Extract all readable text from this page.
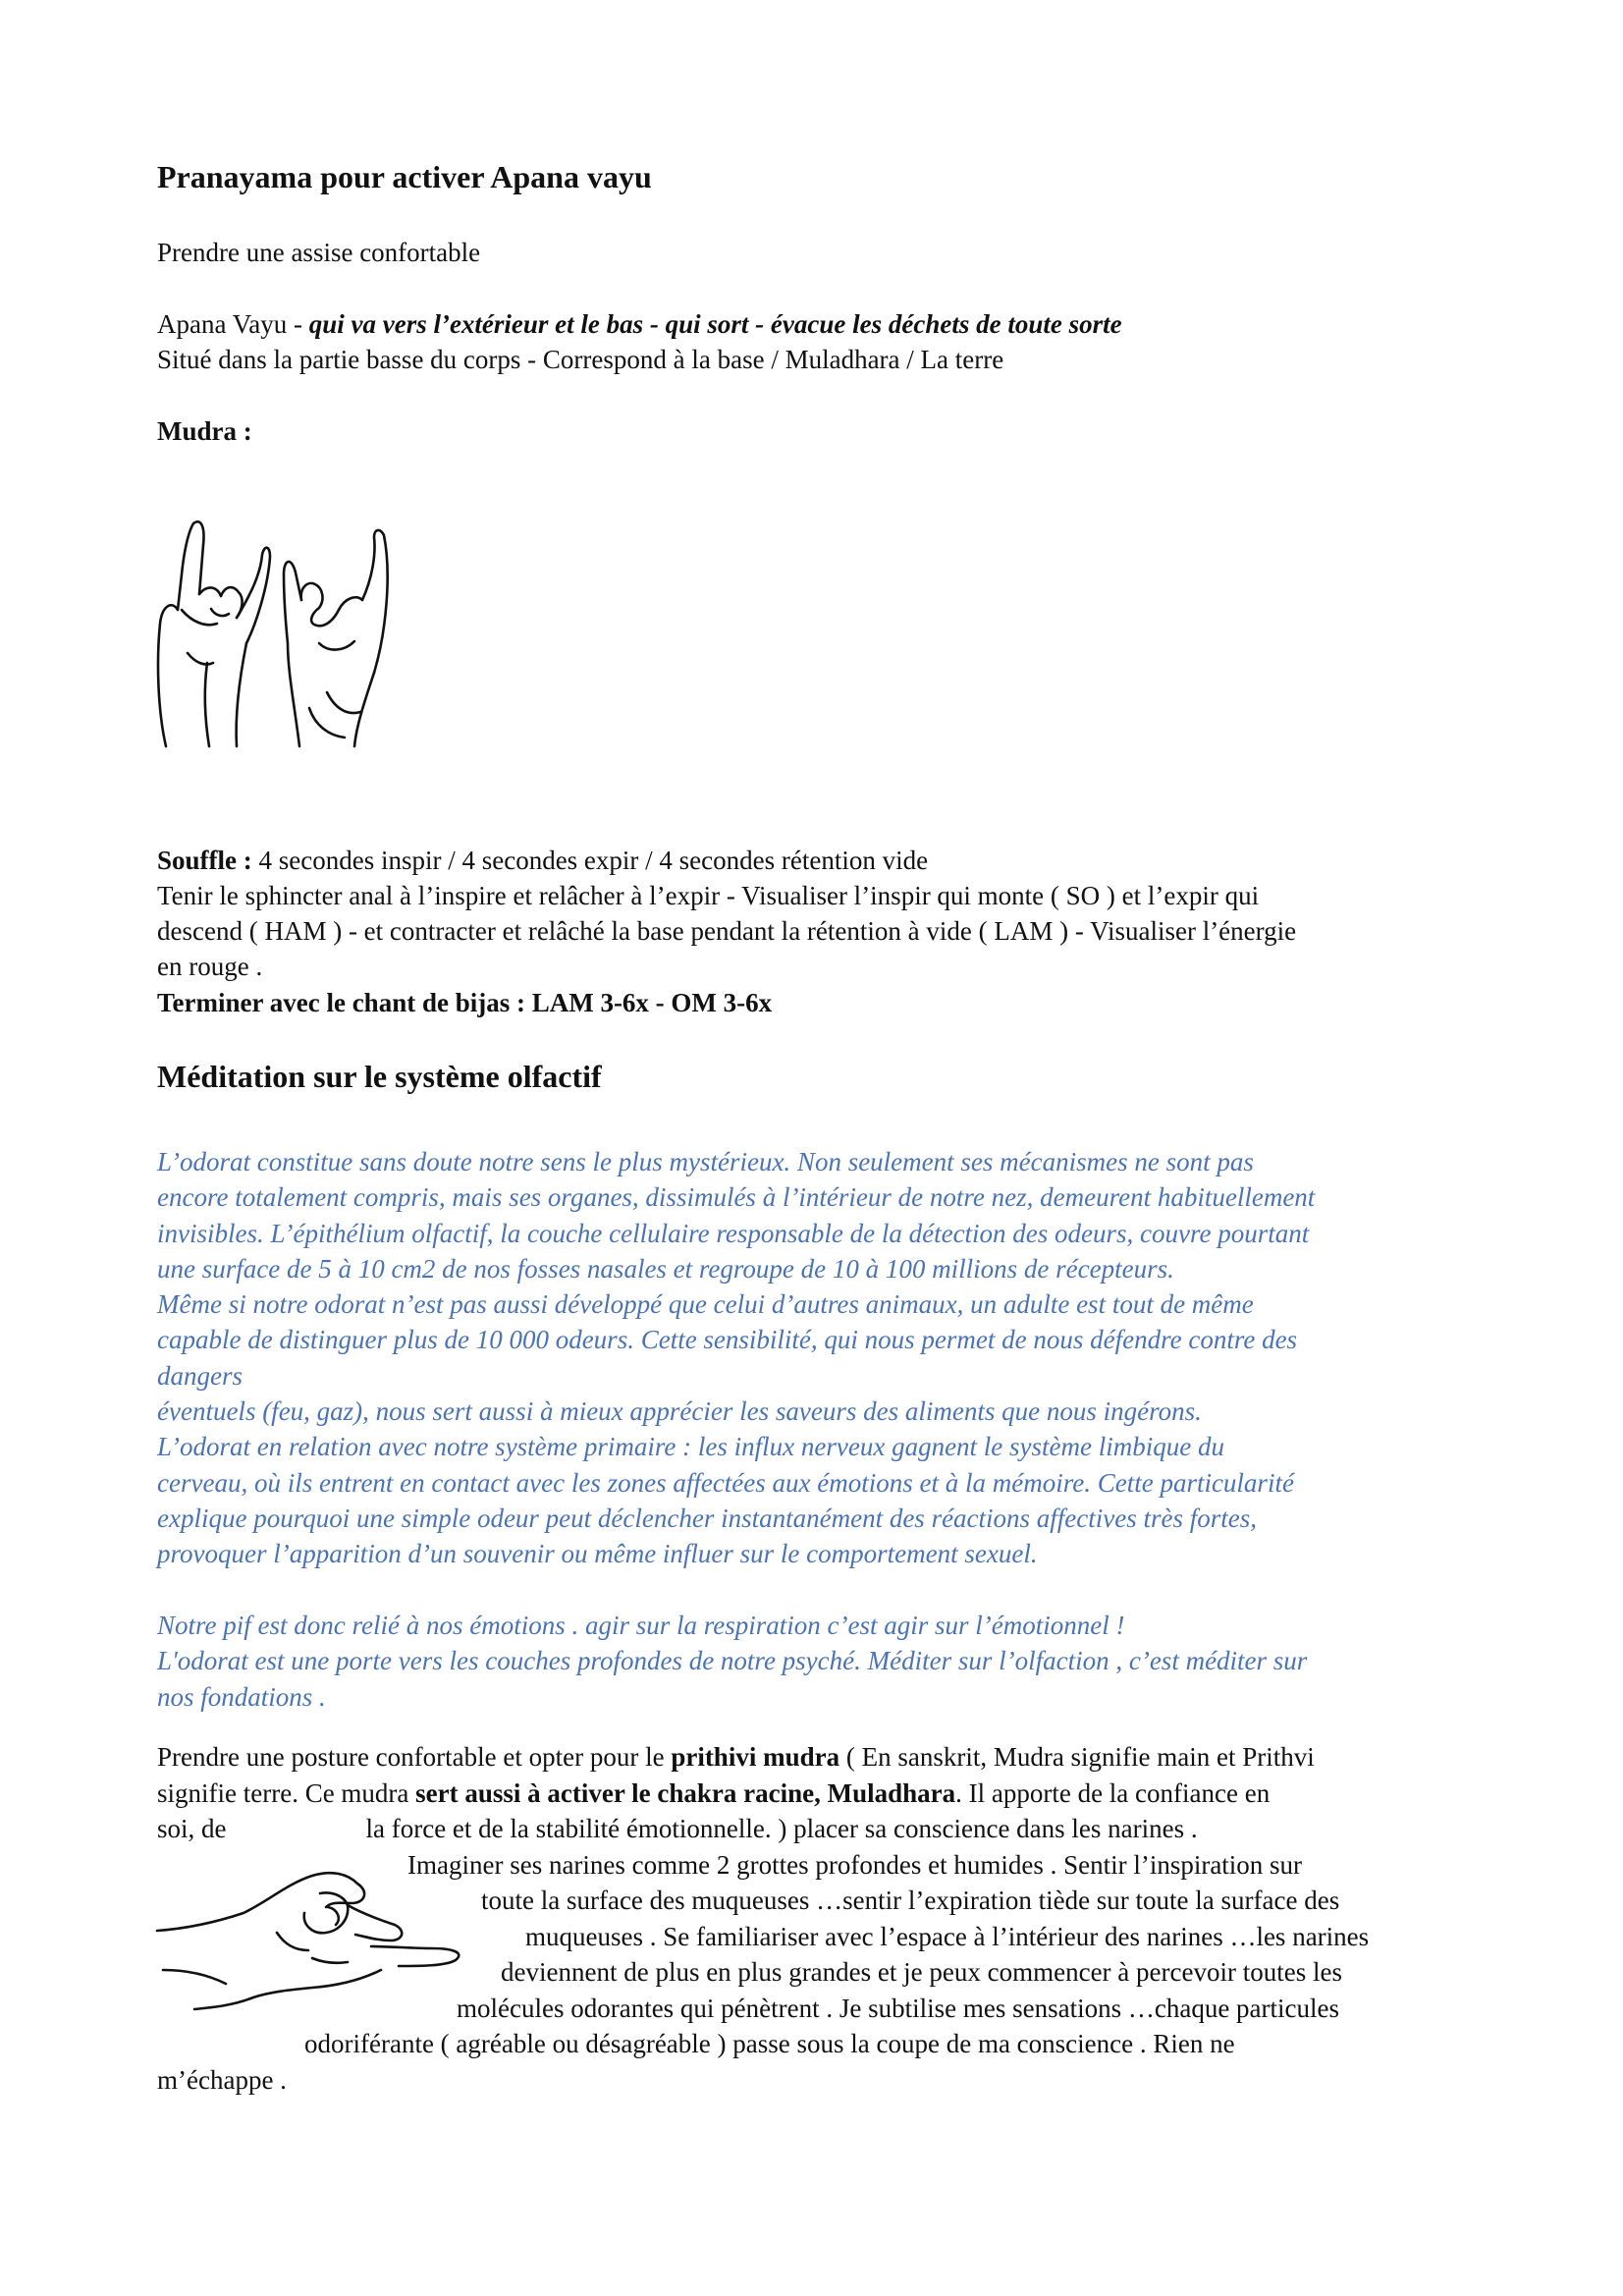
Pranayama pour activer Apana vayu

Prendre une assise confortable

Apana Vayu - qui va vers l’extérieur et le bas - qui sort - évacue les déchets de toute sorte

Situé dans la partie basse du corps - Correspond à la base / Muladhara / La terre

Mudra :

Souffle : 4 secondes inspir / 4 secondes expir / 4 secondes rétention vide

Tenir le sphincter anal à l’inspire et relâcher à l’expir - Visualiser l’inspir qui monte ( SO ) et l’expir qui

descend ( HAM ) - et contracter et relâché la base pendant la rétention à vide ( LAM ) - Visualiser l’énergie

en rouge .

Terminer avec le chant de bijas : LAM 3-6x - OM 3-6x

Méditation sur le système olfactif
L’odorat constitue sans doute notre sens le plus mystérieux. Non seulement ses mécanismes ne sont pas
encore totalement compris, mais ses organes, dissimulés à l’intérieur de notre nez, demeurent habituellement
invisibles. L’épithélium olfactif, la couche cellulaire responsable de la détection des odeurs, couvre pourtant
une surface de 5 à 10 cm2 de nos fosses nasales et regroupe de 10 à 100 millions de récepteurs.
Même si notre odorat n’est pas aussi développé que celui d’autres animaux, un adulte est tout de même
capable de distinguer plus de 10 000 odeurs. Cette sensibilité, qui nous permet de nous défendre contre des
dangers
éventuels (feu, gaz), nous sert aussi à mieux apprécier les saveurs des aliments que nous ingérons.
L’odorat en relation avec notre système primaire : les influx nerveux gagnent le système limbique du
cerveau, où ils entrent en contact avec les zones affectées aux émotions et à la mémoire. Cette particularité
explique pourquoi une simple odeur peut déclencher instantanément des réactions affectives très fortes,
provoquer l’apparition d’un souvenir ou même influer sur le comportement sexuel.
Notre pif est donc relié à nos émotions . agir sur la respiration c’est agir sur l’émotionnel !
L'odorat est une porte vers les couches profondes de notre psyché. Méditer sur l’olfaction , c’est méditer sur
nos fondations .
Prendre une posture confortable et opter pour le prithivi mudra ( En sanskrit, Mudra signifie main et Prithvi
signifie terre. Ce mudra sert aussi à activer le chakra racine, Muladhara. Il apporte de la confiance en
soi, de	la force et de la stabilité émotionnelle. ) placer sa conscience dans les narines .
Imaginer ses narines comme 2 grottes profondes et humides . Sentir l’inspiration sur
toute la surface des muqueuses …sentir l’expiration tiède sur toute la surface des
muqueuses . Se familiariser avec l’espace à l’intérieur des narines …les narines
deviennent de plus en plus grandes et je peux commencer à percevoir toutes les
molécules odorantes qui pénètrent . Je subtilise mes sensations …chaque particules
odoriférante ( agréable ou désagréable ) passe sous la coupe de ma conscience . Rien ne
m’échappe .
